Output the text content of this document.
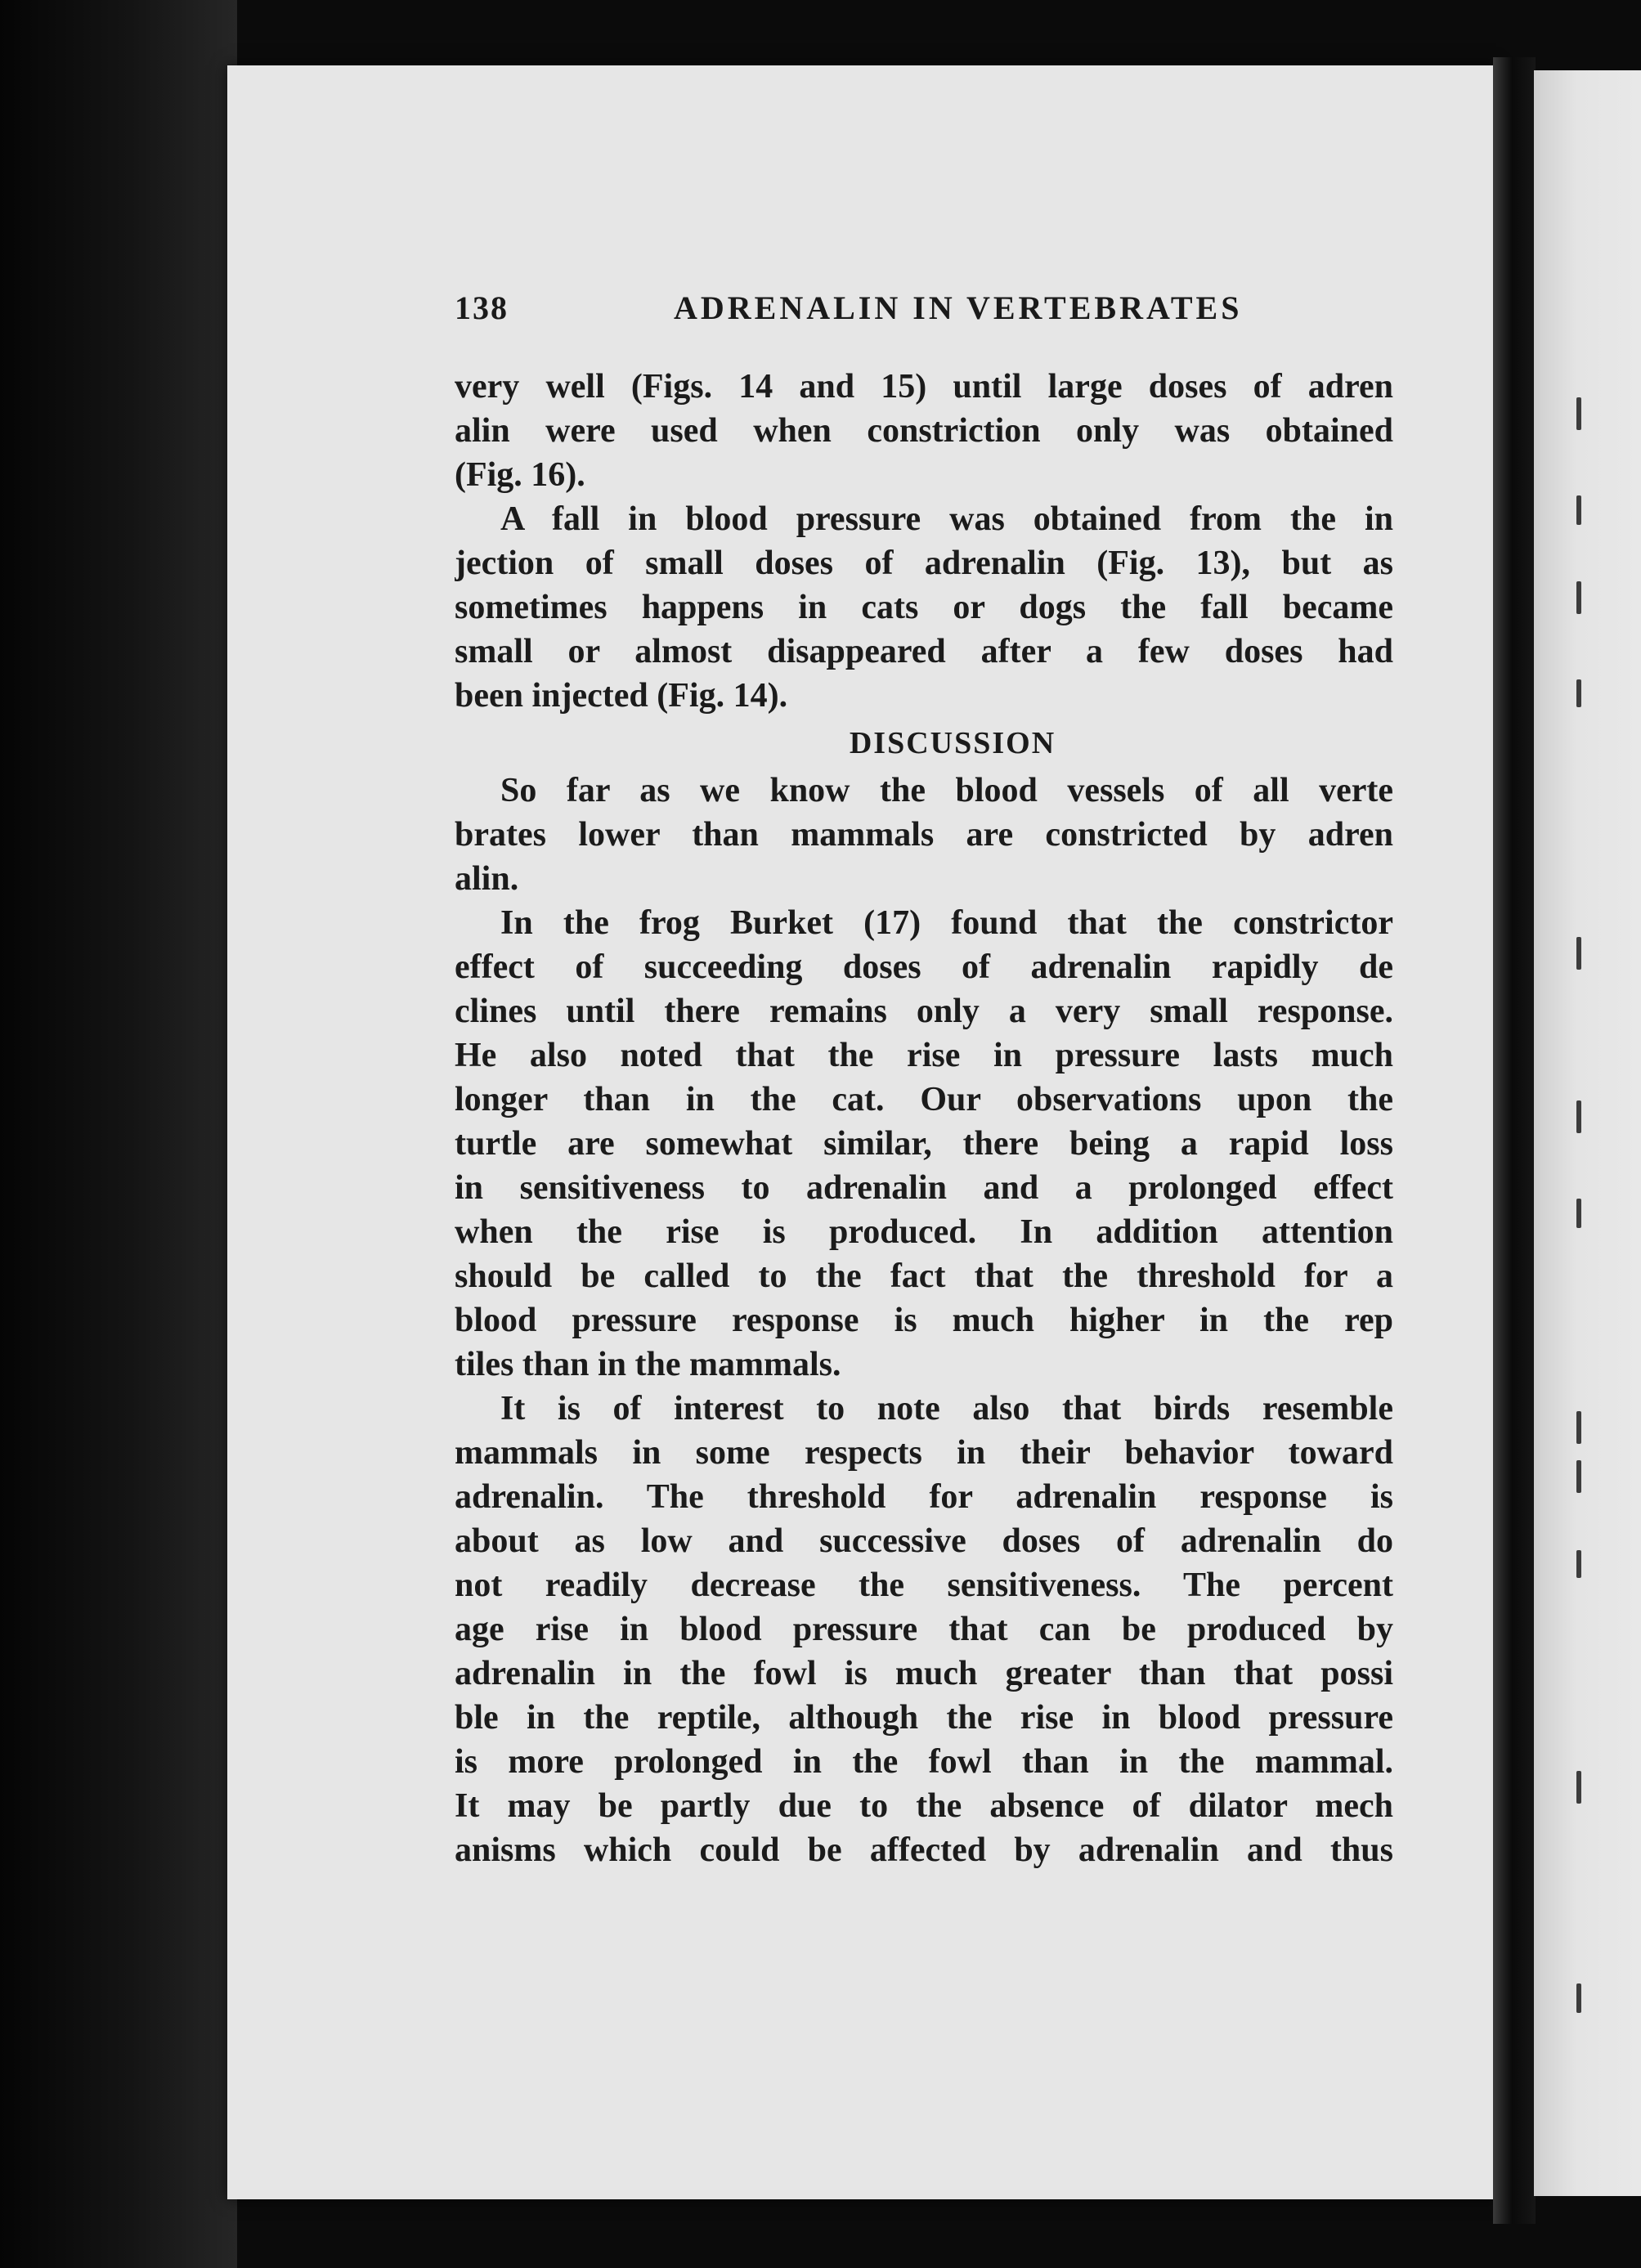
138	ADRENALIN IN VERTEBRATES
very well (Figs. 14 and 15) until large doses of adren
alin were used when constriction only was obtained
(Fig. 16).
A fall in blood pressure was obtained from the in
jection of small doses of adrenalin (Fig. 13), but as
sometimes happens in cats or dogs the fall became
small or almost disappeared after a few doses had
been injected (Fig. 14).
DISCUSSION
So far as we know the blood vessels of all verte
brates lower than mammals are constricted by adren
alin.
In the frog Burket (17) found that the constrictor
effect of succeeding doses of adrenalin rapidly de
clines until there remains only a very small response.
He also noted that the rise in pressure lasts much
longer than in the cat. Our observations upon the
turtle are somewhat similar, there being a rapid loss
in sensitiveness to adrenalin and a prolonged effect
when the rise is produced. In addition attention
should be called to the fact that the threshold for a
blood pressure response is much higher in the rep
tiles than in the mammals.
It is of interest to note also that birds resemble
mammals in some respects in their behavior toward
adrenalin. The threshold for adrenalin response is
about as low and successive doses of adrenalin do
not readily decrease the sensitiveness. The percent
age rise in blood pressure that can be produced by
adrenalin in the fowl is much greater than that possi
ble in the reptile, although the rise in blood pressure
is more prolonged in the fowl than in the mammal.
It may be partly due to the absence of dilator mech
anisms which could be affected by adrenalin and thus
